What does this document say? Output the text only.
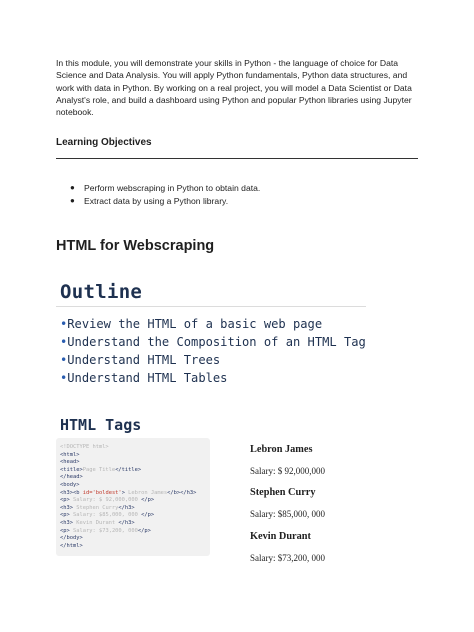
In this module, you will demonstrate your skills in Python - the language of choice for Data Science and Data Analysis. You will apply Python fundamentals, Python data structures, and work with data in Python. By working on a real project, you will model a Data Scientist or Data Analyst's role, and build a dashboard using Python and popular Python libraries using Jupyter notebook.

Learning Objectives
● Perform webscraping in Python to obtain data.
● Extract data by using a Python library.
HTML for Webscraping
Outline
•Review the HTML of a basic web page
•Understand the Composition of an HTML Tag
•Understand HTML Trees
•Understand HTML Tables
HTML Tags
<!DOCTYPE html>
<html>
<head>
<title>Page Title</title>
</head>
<body>
<h3><b id='boldest'> Lebron James</b></h3>
<p> Salary: $ 92,000,000 </p>
<h3> Stephen Curry</h3>
<p> Salary: $85,000, 000 </p>
<h3> Kevin Durant </h3>
<p> Salary: $73,200, 000</p>
</body>
</html>

Lebron James

Salary: $ 92,000,000

Stephen Curry

Salary: $85,000, 000

Kevin Durant

Salary: $73,200, 000
